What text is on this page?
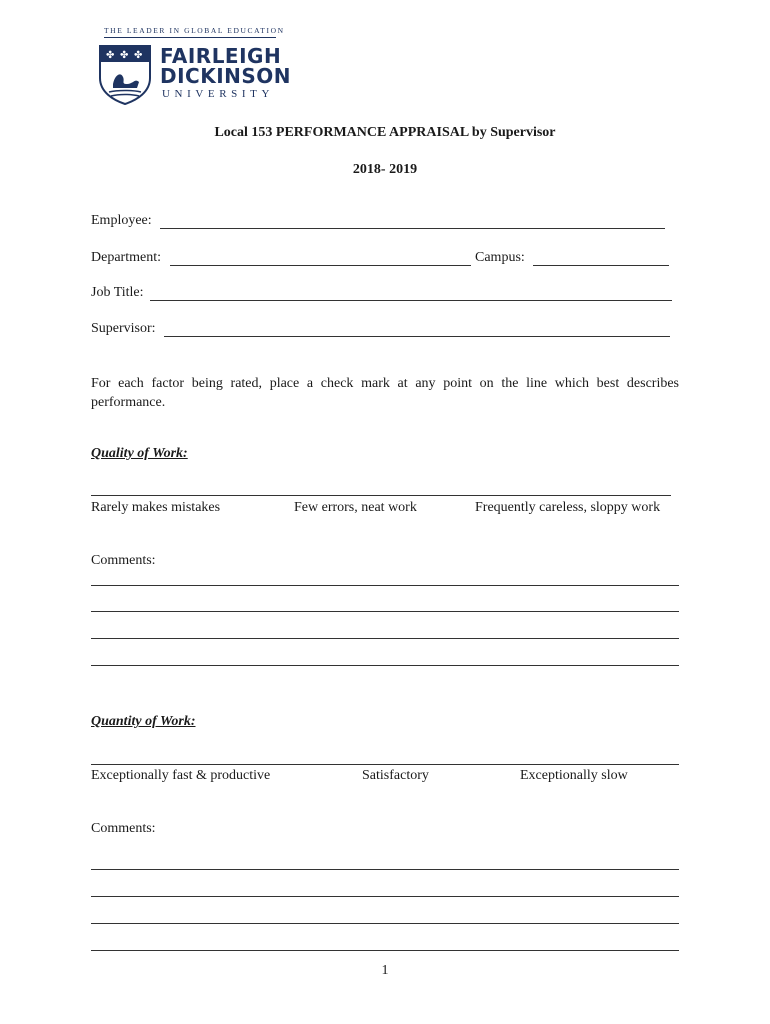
THE LEADER IN GLOBAL EDUCATION
✤ ✤ ✤ FAIRLEIGH
DICKINSON
UNIVERSITY
Local 153 PERFORMANCE APPRAISAL by Supervisor
2018- 2019
Employee:
Department:	Campus:
Job Title:
Supervisor:
For each factor being rated, place a check mark at any point on the line which best describes performance.
Quality of Work:
Rarely makes mistakes	Few errors, neat work	Frequently careless, sloppy work
Comments:
Quantity of Work:
Exceptionally fast & productive	Satisfactory	Exceptionally slow
Comments:
1
